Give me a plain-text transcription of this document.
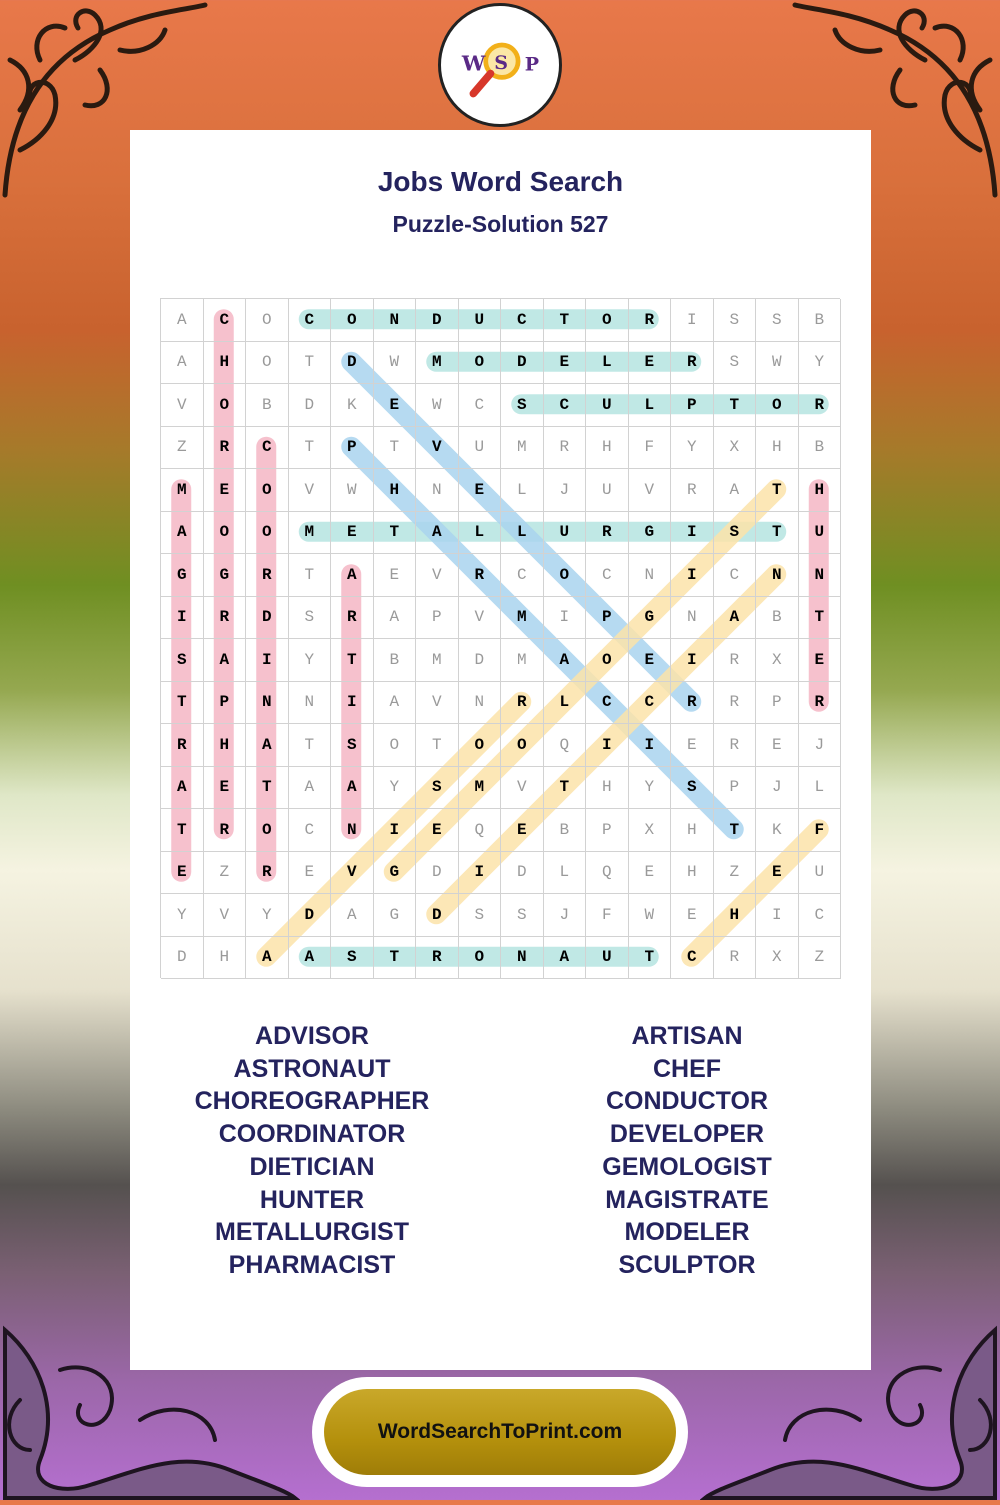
W S P
Jobs Word Search
Puzzle-Solution 527
A	C	O	C	O	N	D	U	C	T	O	R	I	S	S	B
A	H	O	T	D	W	M	O	D	E	L	E	R	S	W	Y
V	O	B	D	K	E	W	C	S	C	U	L	P	T	O	R
Z	R	C	T	P	T	V	U	M	R	H	F	Y	X	H	B
M	E	O	V	W	H	N	E	L	J	U	V	R	A	T	H
A	O	O	M	E	T	A	L	L	U	R	G	I	S	T	U
G	G	R	T	A	E	V	R	C	O	C	N	I	C	N	N
I	R	D	S	R	A	P	V	M	I	P	G	N	A	B	T
S	A	I	Y	T	B	M	D	M	A	O	E	I	R	X	E
T	P	N	N	I	A	V	N	R	L	C	C	R	R	P	R
R	H	A	T	S	O	T	O	O	Q	I	I	E	R	E	J
A	E	T	A	A	Y	S	M	V	T	H	Y	S	P	J	L
T	R	O	C	N	I	E	Q	E	B	P	X	H	T	K	F
E	Z	R	E	V	G	D	I	D	L	Q	E	H	Z	E	U
Y	V	Y	D	A	G	D	S	S	J	F	W	E	H	I	C
D	H	A	A	S	T	R	O	N	A	U	T	C	R	X	Z
ADVISOR
ASTRONAUT
CHOREOGRAPHER
COORDINATOR
DIETICIAN
HUNTER
METALLURGIST
PHARMACIST
ARTISAN
CHEF
CONDUCTOR
DEVELOPER
GEMOLOGIST
MAGISTRATE
MODELER
SCULPTOR
WordSearchToPrint.com
